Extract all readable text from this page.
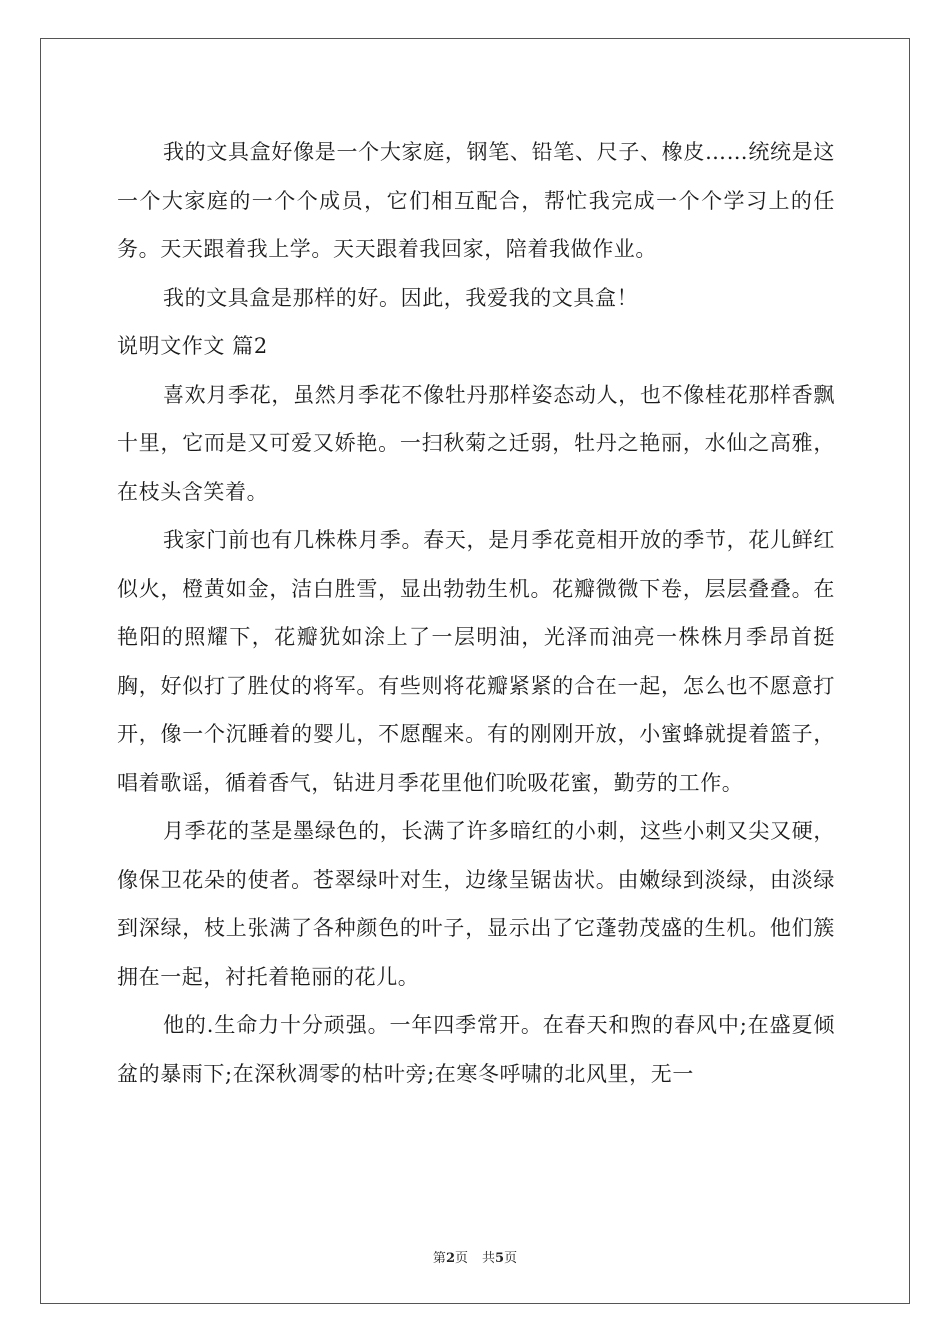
我的文具盒好像是一个大家庭，钢笔、铅笔、尺子、橡皮……统统是这一个大家庭的一个个成员，它们相互配合，帮忙我完成一个个学习上的任务。天天跟着我上学。天天跟着我回家，陪着我做作业。

我的文具盒是那样的好。因此，我爱我的文具盒！

说明文作文 篇2

喜欢月季花，虽然月季花不像牡丹那样姿态动人，也不像桂花那样香飘十里，它而是又可爱又娇艳。一扫秋菊之迁弱，牡丹之艳丽，水仙之高雅，在枝头含笑着。

我家门前也有几株株月季。春天，是月季花竟相开放的季节，花儿鲜红似火，橙黄如金，洁白胜雪，显出勃勃生机。花瓣微微下卷，层层叠叠。在艳阳的照耀下，花瓣犹如涂上了一层明油，光泽而油亮一株株月季昂首挺胸，好似打了胜仗的将军。有些则将花瓣紧紧的合在一起，怎么也不愿意打开，像一个沉睡着的婴儿，不愿醒来。有的刚刚开放，小蜜蜂就提着篮子，唱着歌谣，循着香气，钻进月季花里他们吮吸花蜜，勤劳的工作。

月季花的茎是墨绿色的，长满了许多暗红的小刺，这些小刺又尖又硬，像保卫花朵的使者。苍翠绿叶对生，边缘呈锯齿状。由嫩绿到淡绿，由淡绿到深绿，枝上张满了各种颜色的叶子，显示出了它蓬勃茂盛的生机。他们簇拥在一起，衬托着艳丽的花儿。

他的.生命力十分顽强。一年四季常开。在春天和煦的春风中;在盛夏倾盆的暴雨下;在深秋凋零的枯叶旁;在寒冬呼啸的北风里，无一

第2页 共5页
